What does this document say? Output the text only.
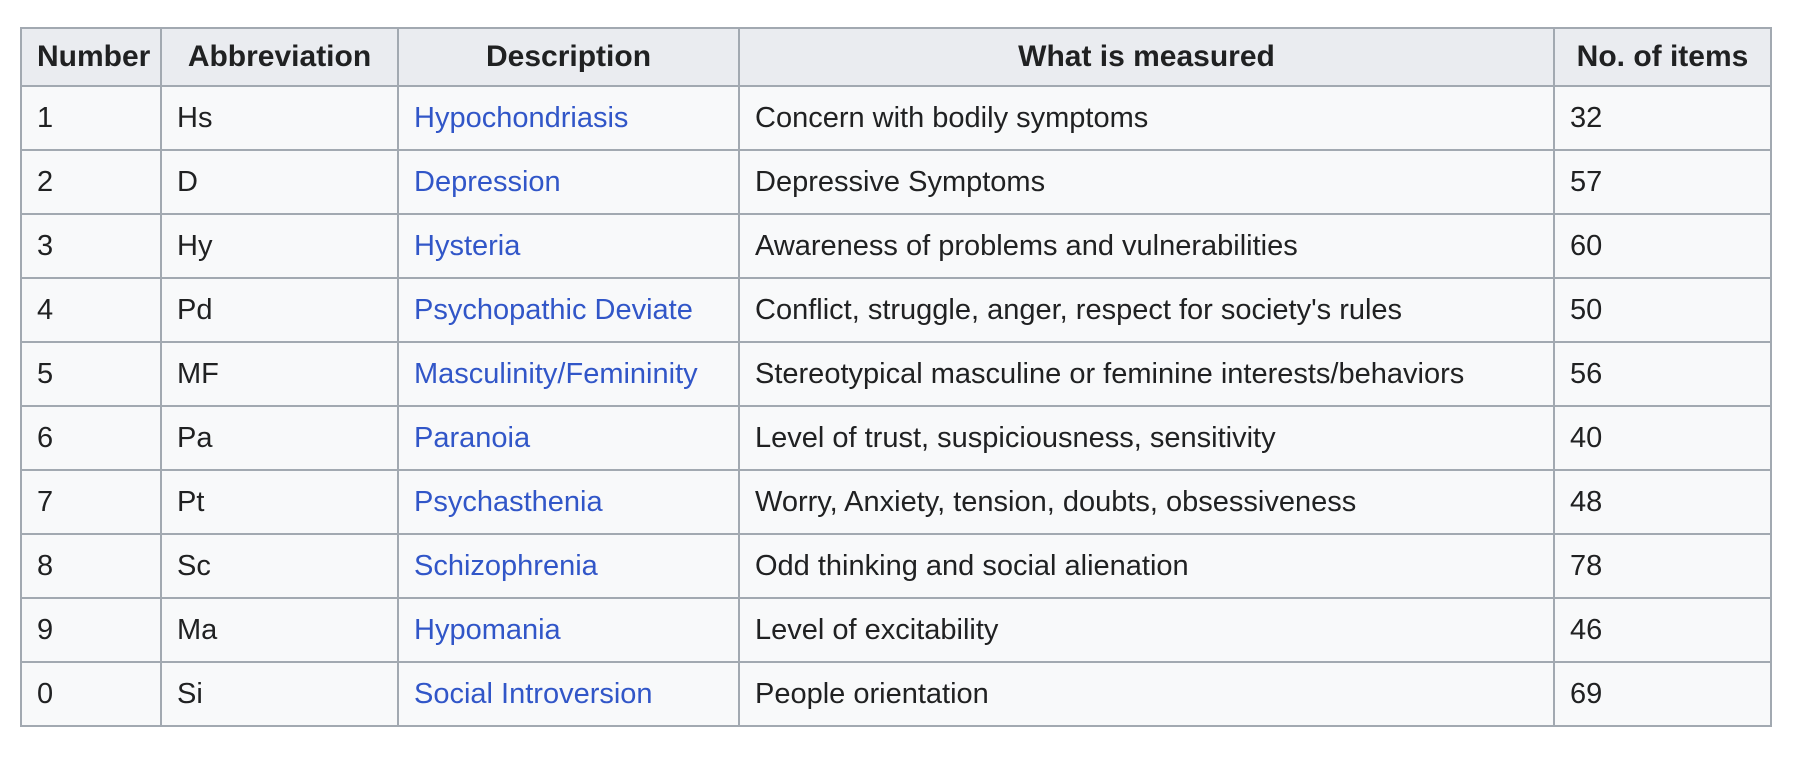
Number	Abbreviation	Description	What is measured	No. of items
1	Hs	Hypochondriasis	Concern with bodily symptoms	32
2	D	Depression	Depressive Symptoms	57
3	Hy	Hysteria	Awareness of problems and vulnerabilities	60
4	Pd	Psychopathic Deviate	Conflict, struggle, anger, respect for society's rules	50
5	MF	Masculinity/Femininity	Stereotypical masculine or feminine interests/behaviors	56
6	Pa	Paranoia	Level of trust, suspiciousness, sensitivity	40
7	Pt	Psychasthenia	Worry, Anxiety, tension, doubts, obsessiveness	48
8	Sc	Schizophrenia	Odd thinking and social alienation	78
9	Ma	Hypomania	Level of excitability	46
0	Si	Social Introversion	People orientation	69
